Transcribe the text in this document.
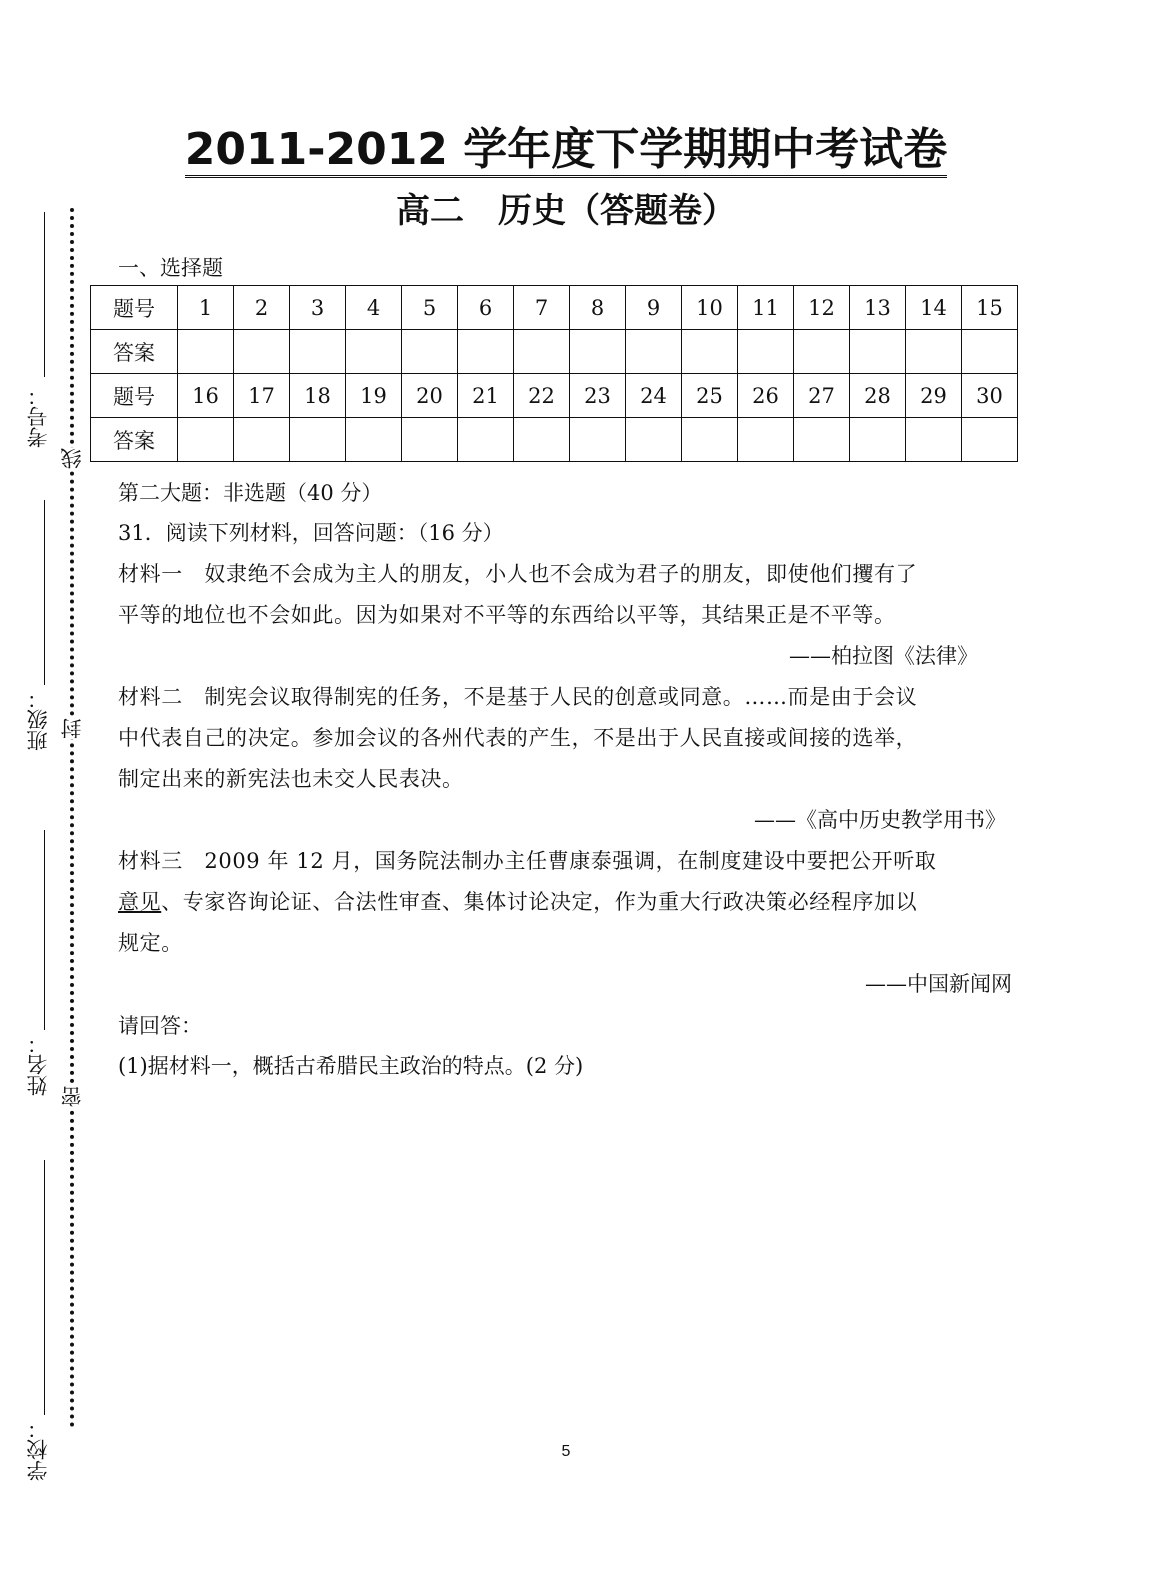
考号：
班级：
姓名：
学校：
线
封
密
2011-2012 学年度下学期期中考试卷
高二　历史（答题卷）
一、选择题
题号	1	2	3	4	5	6	7	8	9	10	11	12	13	14	15
答案															
题号	16	17	18	19	20	21	22	23	24	25	26	27	28	29	30
答案															
第二大题：非选题（40 分）
31．阅读下列材料，回答问题：（16 分）
材料一　奴隶绝不会成为主人的朋友，小人也不会成为君子的朋友，即使他们攫有了
平等的地位也不会如此。因为如果对不平等的东西给以平等，其结果正是不平等。
——柏拉图《法律》
材料二　制宪会议取得制宪的任务，不是基于人民的创意或同意。……而是由于会议
中代表自己的决定。参加会议的各州代表的产生，不是出于人民直接或间接的选举，
制定出来的新宪法也未交人民表决。
——《高中历史教学用书》
材料三　2009 年 12 月，国务院法制办主任曹康泰强调，在制度建设中要把公开听取
意见、专家咨询论证、合法性审查、集体讨论决定，作为重大行政决策必经程序加以
规定。
——中国新闻网
请回答：
(1)据材料一，概括古希腊民主政治的特点。(2 分)
5
